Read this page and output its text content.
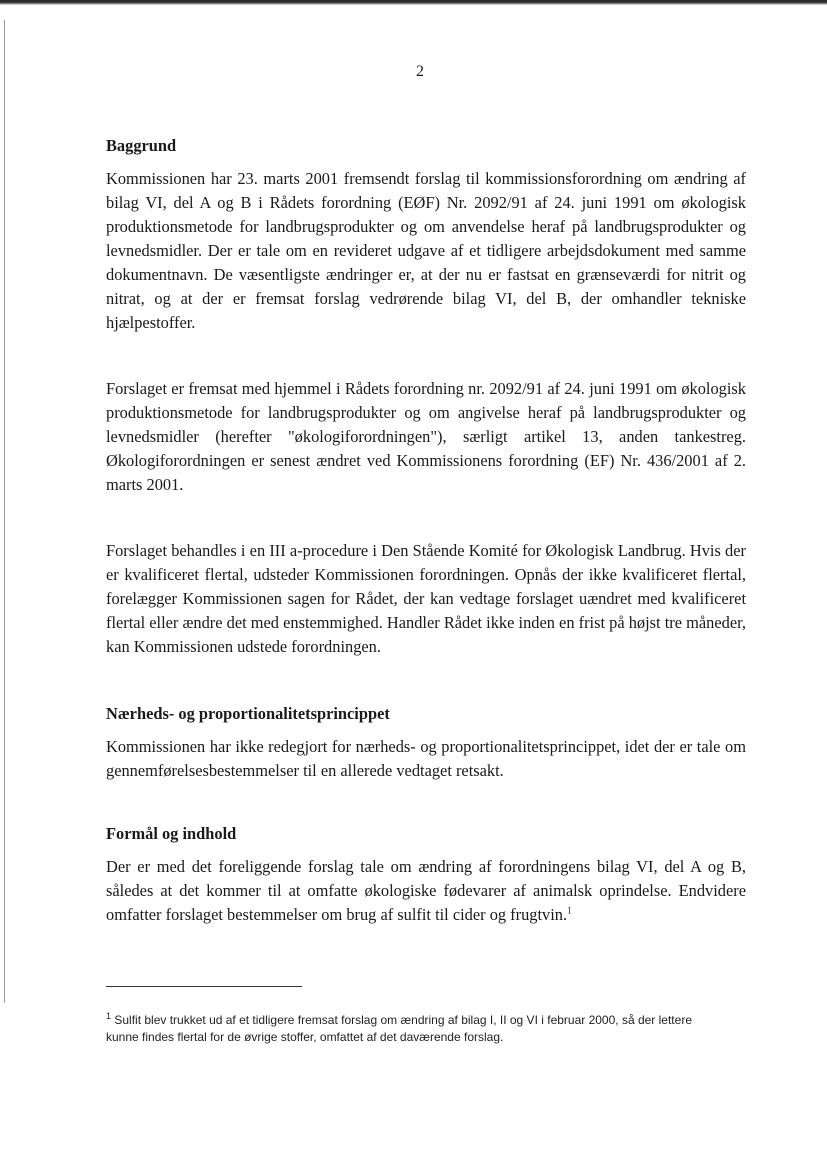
2
Baggrund

Kommissionen har 23. marts 2001 fremsendt forslag til kommissionsforordning om ændring af bilag VI, del A og B i Rådets forordning (EØF) Nr. 2092/91 af 24. juni 1991 om økologisk produktionsmetode for landbrugsprodukter og om anvendelse heraf på landbrugsprodukter og levnedsmidler. Der er tale om en revideret udgave af et tidligere arbejdsdokument med samme dokumentnavn. De væsentligste ændringer er, at der nu er fastsat en grænseværdi for nitrit og nitrat, og at der er fremsat forslag vedrørende bilag VI, del B, der omhandler tekniske hjælpestoffer.

Forslaget er fremsat med hjemmel i Rådets forordning nr. 2092/91 af 24. juni 1991 om økologisk produktionsmetode for landbrugsprodukter og om angivelse heraf på landbrugsprodukter og levnedsmidler (herefter "økologiforordningen"), særligt artikel 13, anden tankestreg. Økologiforordningen er senest ændret ved Kommissionens forordning (EF) Nr. 436/2001 af 2. marts 2001.

Forslaget behandles i en III a-procedure i Den Stående Komité for Økologisk Landbrug. Hvis der er kvalificeret flertal, udsteder Kommissionen forordningen. Opnås der ikke kvalificeret flertal, forelægger Kommissionen sagen for Rådet, der kan vedtage forslaget uændret med kvalificeret flertal eller ændre det med enstemmighed. Handler Rådet ikke inden en frist på højst tre måneder, kan Kommissionen udstede forordningen.

Nærheds- og proportionalitetsprincippet

Kommissionen har ikke redegjort for nærheds- og proportionalitetsprincippet, idet der er tale om gennemførelsesbestemmelser til en allerede vedtaget retsakt.

Formål og indhold

Der er med det foreliggende forslag tale om ændring af forordningens bilag VI, del A og B, således at det kommer til at omfatte økologiske fødevarer af animalsk oprindelse. Endvidere omfatter forslaget bestemmelser om brug af sulfit til cider og frugtvin.$^1$

$^1$ Sulfit blev trukket ud af et tidligere fremsat forslag om ændring af bilag I, II og VI i februar 2000, så der lettere kunne findes flertal for de øvrige stoffer, omfattet af det daværende forslag.
